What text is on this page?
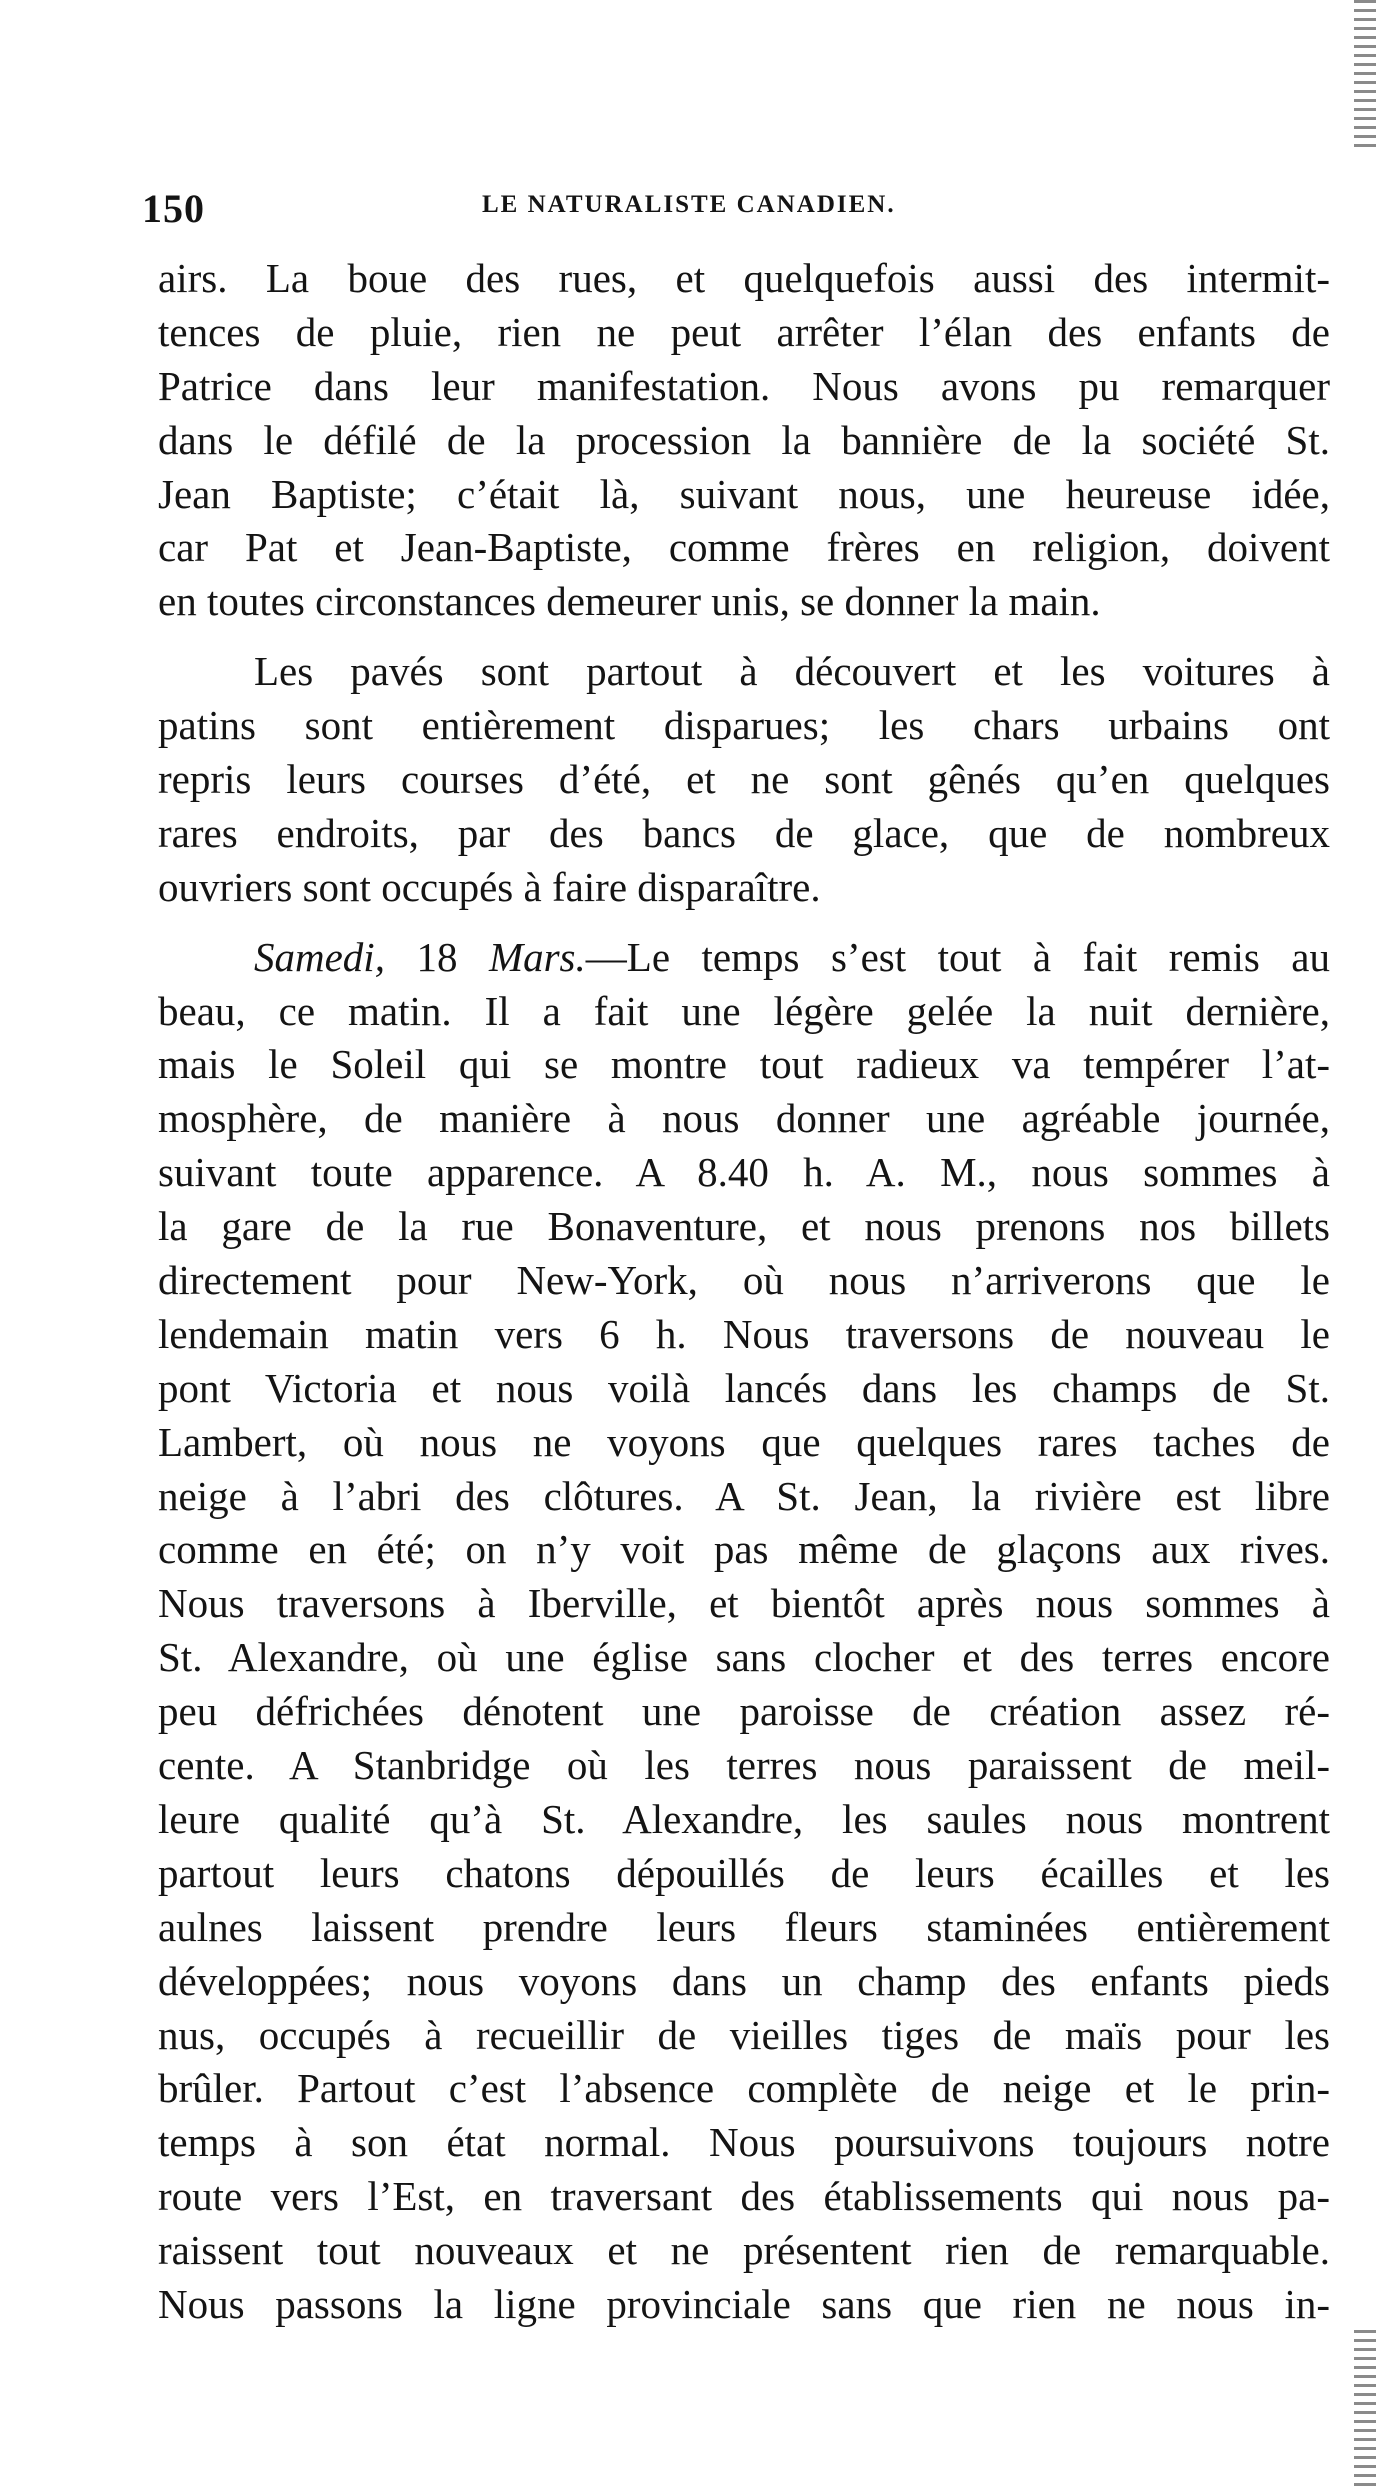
150	LE NATURALISTE CANADIEN.
airs. La boue des rues, et quelquefois aussi des intermit-
tences de pluie, rien ne peut arrêter l’élan des enfants de
Patrice dans leur manifestation. Nous avons pu remarquer
dans le défilé de la procession la bannière de la société St.
Jean Baptiste; c’était là, suivant nous, une heureuse idée,
car Pat et Jean-Baptiste, comme frères en religion, doivent
en toutes circonstances demeurer unis, se donner la main.
Les pavés sont partout à découvert et les voitures à
patins sont entièrement disparues; les chars urbains ont
repris leurs courses d’été, et ne sont gênés qu’en quelques
rares endroits, par des bancs de glace, que de nombreux
ouvriers sont occupés à faire disparaître.
Samedi, 18 Mars.—Le temps s’est tout à fait remis au
beau, ce matin. Il a fait une légère gelée la nuit dernière,
mais le Soleil qui se montre tout radieux va tempérer l’at-
mosphère, de manière à nous donner une agréable journée,
suivant toute apparence. A 8.40 h. A. M., nous sommes à
la gare de la rue Bonaventure, et nous prenons nos billets
directement pour New-York, où nous n’arriverons que le
lendemain matin vers 6 h. Nous traversons de nouveau le
pont Victoria et nous voilà lancés dans les champs de St.
Lambert, où nous ne voyons que quelques rares taches de
neige à l’abri des clôtures. A St. Jean, la rivière est libre
comme en été; on n’y voit pas même de glaçons aux rives.
Nous traversons à Iberville, et bientôt après nous sommes à
St. Alexandre, où une église sans clocher et des terres encore
peu défrichées dénotent une paroisse de création assez ré-
cente. A Stanbridge où les terres nous paraissent de meil-
leure qualité qu’à St. Alexandre, les saules nous montrent
partout leurs chatons dépouillés de leurs écailles et les
aulnes laissent prendre leurs fleurs staminées entièrement
développées; nous voyons dans un champ des enfants pieds
nus, occupés à recueillir de vieilles tiges de maïs pour les
brûler. Partout c’est l’absence complète de neige et le prin-
temps à son état normal. Nous poursuivons toujours notre
route vers l’Est, en traversant des établissements qui nous pa-
raissent tout nouveaux et ne présentent rien de remarquable.
Nous passons la ligne provinciale sans que rien ne nous in-
